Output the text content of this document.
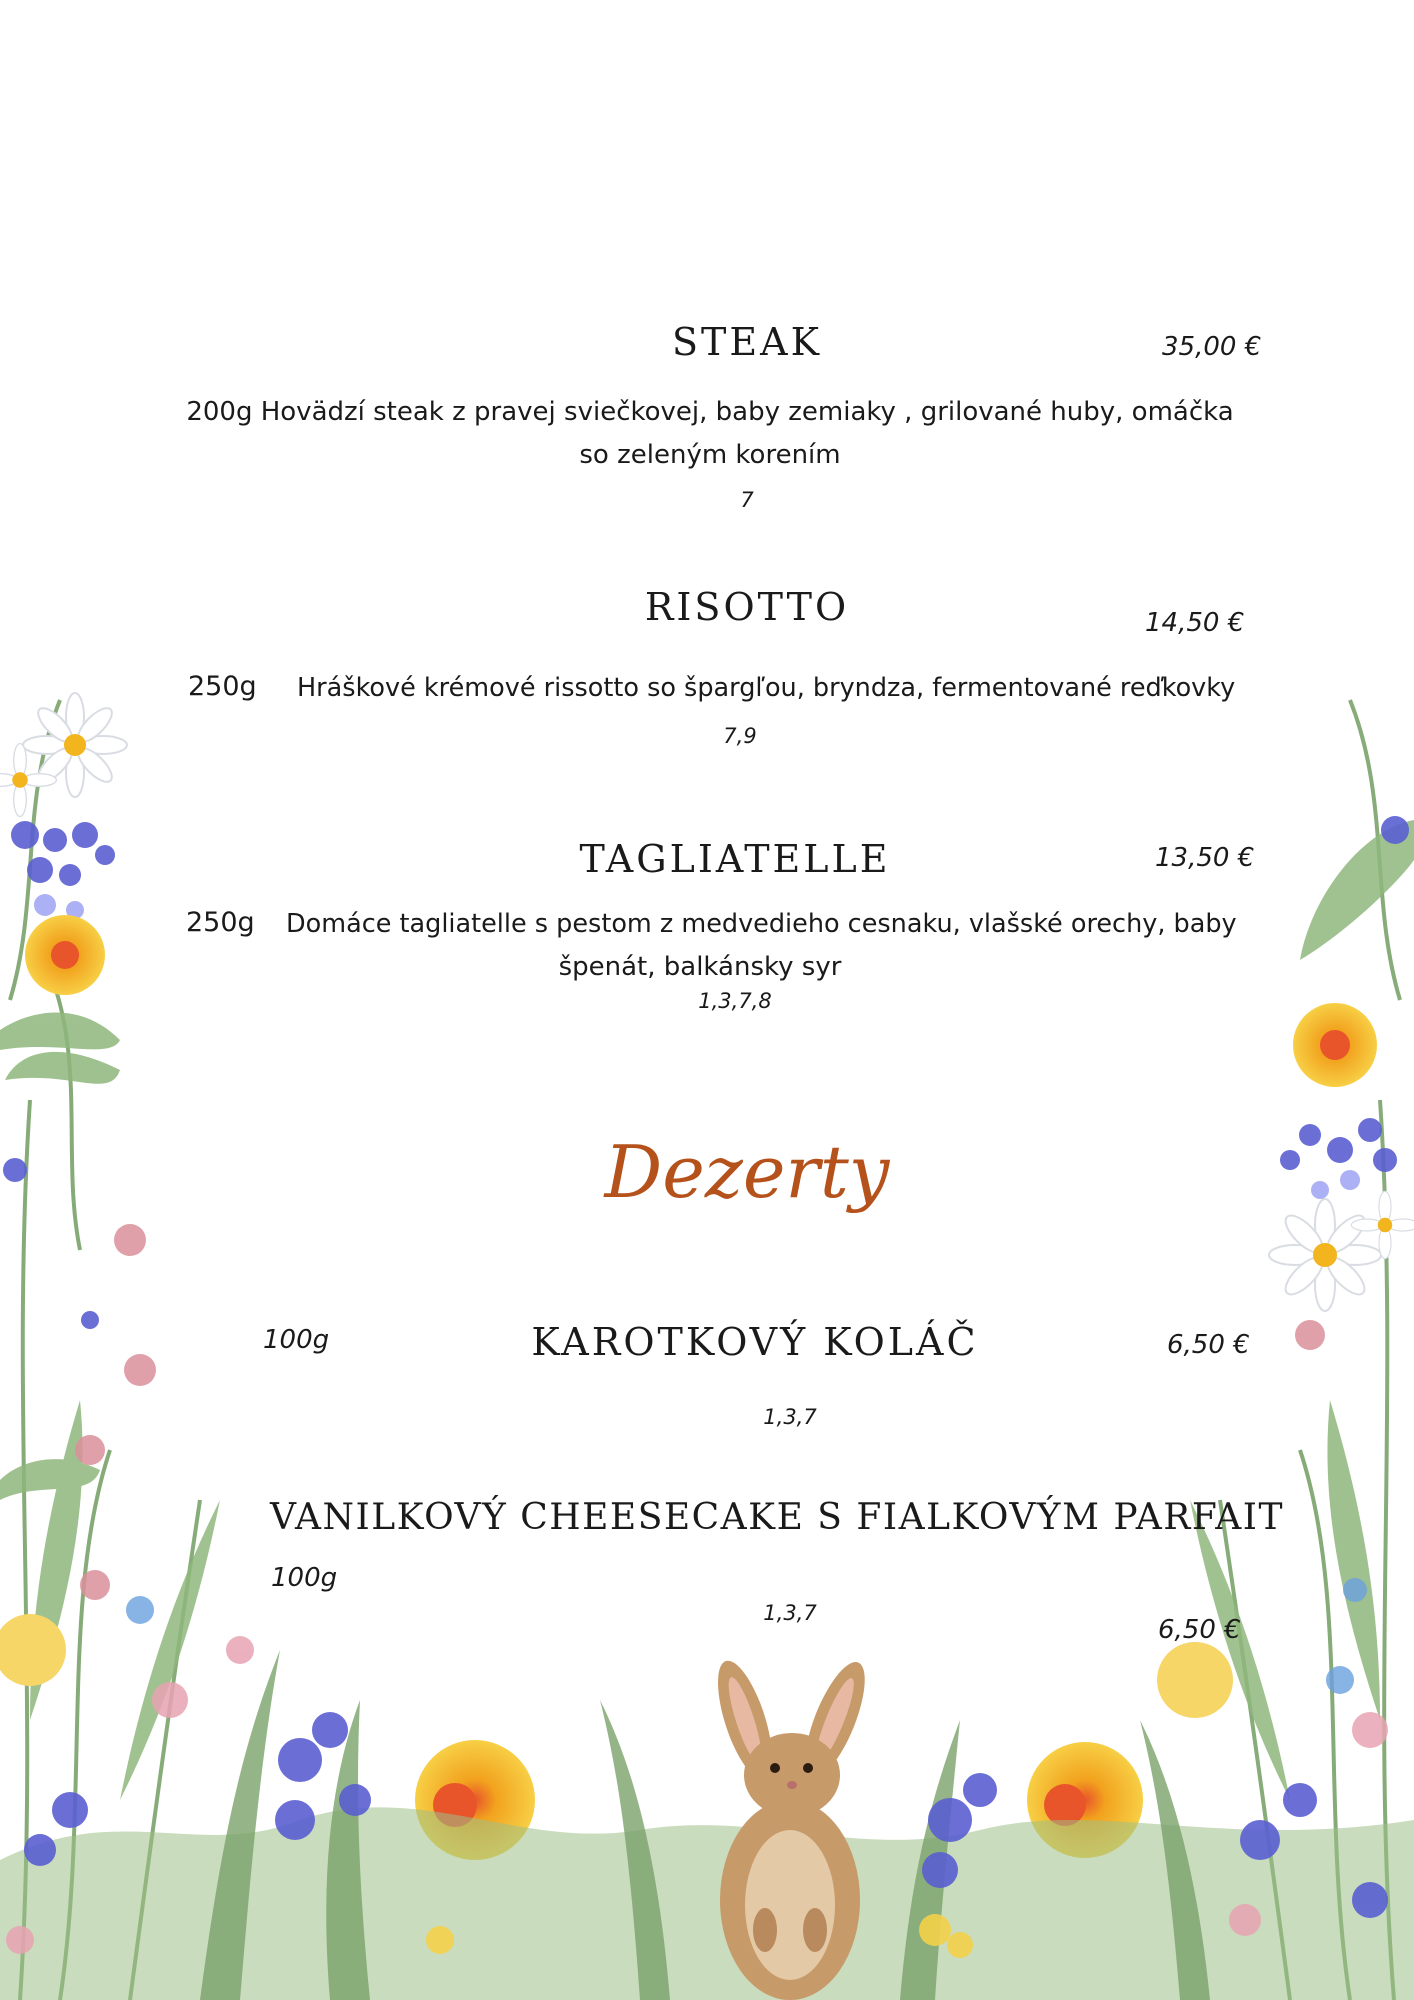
STEAK	35,00 €
200g Hovädzí steak z pravej sviečkovej, baby zemiaky , grilované huby, omáčka so zeleným korením
7
RISOTTO	14,50 €
250g Hráškové krémové rissotto so špargľou, bryndza, fermentované reďkovky
7,9
TAGLIATELLE	13,50 €
250g Domáce tagliatelle s pestom z medvedieho cesnaku, vlašské orechy, baby
špenát, balkánsky syr
1,3,7,8
Dezerty
100g	KAROTKOVÝ KOLÁČ	6,50 €
1,3,7
VANILKOVÝ CHEESECAKE S FIALKOVÝM PARFAIT
100g
1,3,7
6,50 €
